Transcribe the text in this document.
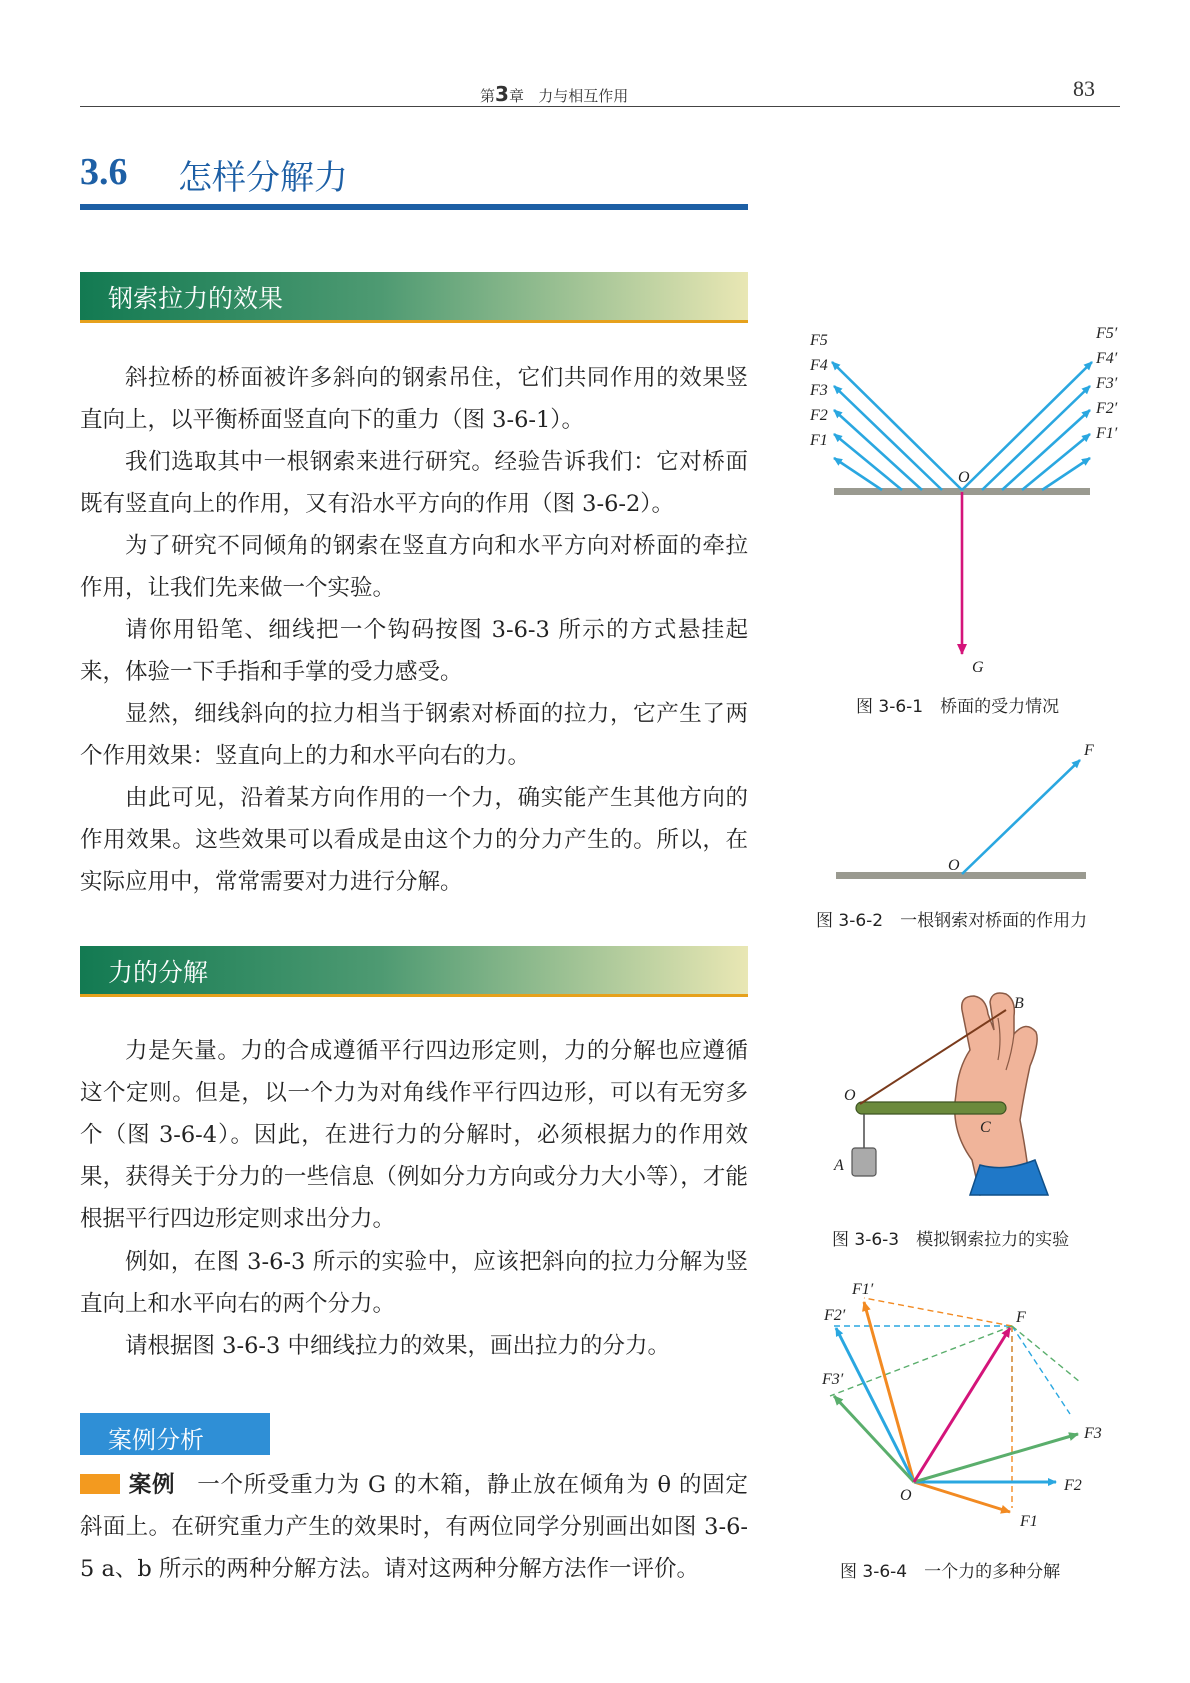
第3章 力与相互作用	83
3.6 怎样分解力
钢索拉力的效果

斜拉桥的桥面被许多斜向的钢索吊住，它们共同作用的效果竖直向上，以平衡桥面竖直向下的重力（图 3-6-1）。

我们选取其中一根钢索来进行研究。经验告诉我们：它对桥面既有竖直向上的作用，又有沿水平方向的作用（图 3-6-2）。

为了研究不同倾角的钢索在竖直方向和水平方向对桥面的牵拉作用，让我们先来做一个实验。

请你用铅笔、细线把一个钩码按图 3-6-3 所示的方式悬挂起来，体验一下手指和手掌的受力感受。

显然，细线斜向的拉力相当于钢索对桥面的拉力，它产生了两个作用效果：竖直向上的力和水平向右的力。

由此可见，沿着某方向作用的一个力，确实能产生其他方向的作用效果。这些效果可以看成是由这个力的分力产生的。所以，在实际应用中，常常需要对力进行分解。

力的分解

力是矢量。力的合成遵循平行四边形定则，力的分解也应遵循这个定则。但是，以一个力为对角线作平行四边形，可以有无穷多个（图 3-6-4）。因此，在进行力的分解时，必须根据力的作用效果，获得关于分力的一些信息（例如分力方向或分力大小等），才能根据平行四边形定则求出分力。

例如，在图 3-6-3 所示的实验中，应该把斜向的拉力分解为竖直向上和水平向右的两个分力。

请根据图 3-6-3 中细线拉力的效果，画出拉力的分力。

案例分析

案例 一个所受重力为 G 的木箱，静止放在倾角为 θ 的固定斜面上。在研究重力产生的效果时，有两位同学分别画出如图 3-6-5 a、b 所示的两种分解方法。请对这两种分解方法作一评价。

F5
F4
F3
F2
F1
F5′
F4′
F3′
F2′
F1′
O
G
图 3-6-1　桥面的受力情况
O
F
图 3-6-2　一根钢索对桥面的作用力
O
A
B
C
图 3-6-3　模拟钢索拉力的实验
O
F
F1
F2
F3
F1′
F2′
F3′
图 3-6-4　一个力的多种分解
